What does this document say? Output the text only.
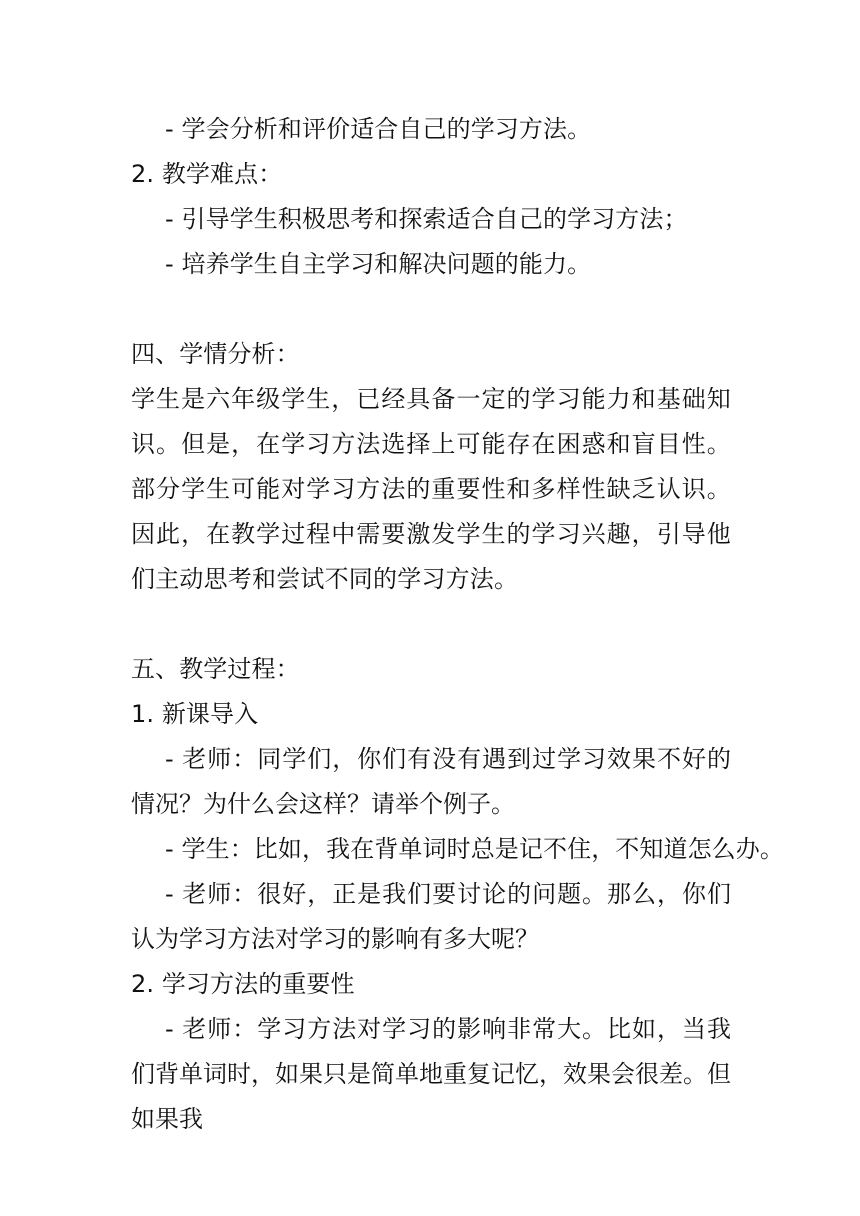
- 学会分析和评价适合自己的学习方法。
2. 教学难点：
- 引导学生积极思考和探索适合自己的学习方法；
- 培养学生自主学习和解决问题的能力。
四、学情分析：
学生是六年级学生，已经具备一定的学习能力和基础知识。但是，在学习方法选择上可能存在困惑和盲目性。部分学生可能对学习方法的重要性和多样性缺乏认识。因此，在教学过程中需要激发学生的学习兴趣，引导他们主动思考和尝试不同的学习方法。
五、教学过程：
1. 新课导入
- 老师：同学们，你们有没有遇到过学习效果不好的情况？为什么会这样？请举个例子。
- 学生：比如，我在背单词时总是记不住，不知道怎么办。
- 老师：很好，正是我们要讨论的问题。那么，你们认为学习方法对学习的影响有多大呢？
2. 学习方法的重要性
- 老师：学习方法对学习的影响非常大。比如，当我们背单词时，如果只是简单地重复记忆，效果会很差。但如果我
